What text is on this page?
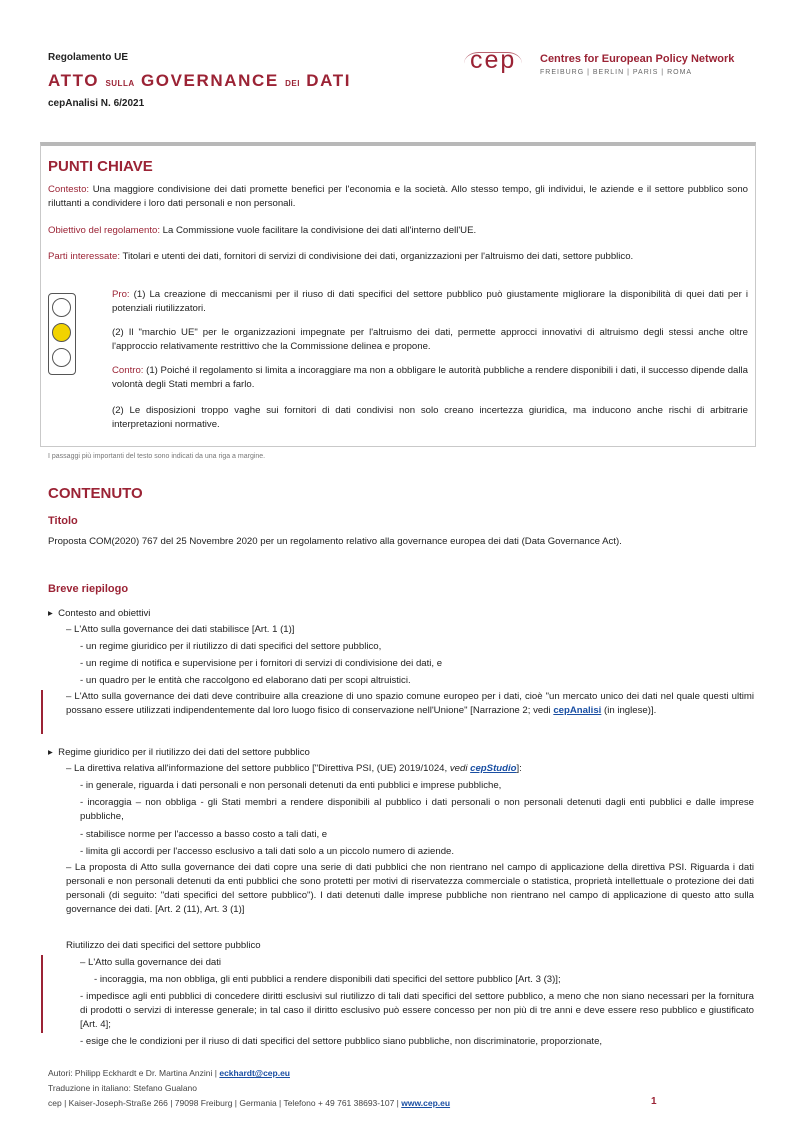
Regolamento UE
ATTO SULLA GOVERNANCE DEI DATI
cepAnalisi N. 6/2021
cep Centres for European Policy Network
FREIBURG | BERLIN | PARIS | ROMA
PUNTI CHIAVE
Contesto: Una maggiore condivisione dei dati promette benefici per l'economia e la società. Allo stesso tempo, gli individui, le aziende e il settore pubblico sono riluttanti a condividere i loro dati personali e non personali.
Obiettivo del regolamento: La Commissione vuole facilitare la condivisione dei dati all'interno dell'UE.
Parti interessate: Titolari e utenti dei dati, fornitori di servizi di condivisione dei dati, organizzazioni per l'altruismo dei dati, settore pubblico.
Pro: (1) La creazione di meccanismi per il riuso di dati specifici del settore pubblico può giustamente migliorare la disponibilità di quei dati per i potenziali riutilizzatori.
(2) Il "marchio UE" per le organizzazioni impegnate per l'altruismo dei dati, permette approcci innovativi di altruismo degli stessi anche oltre l'approccio relativamente restrittivo che la Commissione delinea e propone.
Contro: (1) Poiché il regolamento si limita a incoraggiare ma non a obbligare le autorità pubbliche a rendere disponibili i dati, il successo dipende dalla volontà degli Stati membri a farlo.
(2) Le disposizioni troppo vaghe sui fornitori di dati condivisi non solo creano incertezza giuridica, ma inducono anche rischi di arbitrarie interpretazioni normative.
I passaggi più importanti del testo sono indicati da una riga a margine.
CONTENUTO
Titolo
Proposta COM(2020) 767 del 25 Novembre 2020 per un regolamento relativo alla governance europea dei dati (Data Governance Act).
Breve riepilogo
▸  Contesto and obiettivi
– L'Atto sulla governance dei dati stabilisce [Art. 1 (1)]
- un regime giuridico per il riutilizzo di dati specifici del settore pubblico,
- un regime di notifica e supervisione per i fornitori di servizi di condivisione dei dati, e
- un quadro per le entità che raccolgono ed elaborano dati per scopi altruistici.
– L'Atto sulla governance dei dati deve contribuire alla creazione di uno spazio comune europeo per i dati, cioè "un mercato unico dei dati nel quale questi ultimi possano essere utilizzati indipendentemente dal loro luogo fisico di conservazione nell'Unione" [Narrazione 2; vedi cepAnalisi (in inglese)].
▸  Regime giuridico per il riutilizzo dei dati del settore pubblico
– La direttiva relativa all'informazione del settore pubblico ["Direttiva PSI, (UE) 2019/1024, vedi cepStudio]:
- in generale, riguarda i dati personali e non personali detenuti da enti pubblici e imprese pubbliche,
- incoraggia – non obbliga - gli Stati membri a rendere disponibili al pubblico i dati personali o non personali detenuti dagli enti pubblici e dalle imprese pubbliche,
- stabilisce norme per l'accesso a basso costo a tali dati, e
- limita gli accordi per l'accesso esclusivo a tali dati solo a un piccolo numero di aziende.
– La proposta di Atto sulla governance dei dati copre una serie di dati pubblici che non rientrano nel campo di applicazione della direttiva PSI. Riguarda i dati personali e non personali detenuti da enti pubblici che sono protetti per motivi di riservatezza commerciale o statistica, proprietà intellettuale o protezione dei dati personali (di seguito: "dati specifici del settore pubblico"). I dati detenuti dalle imprese pubbliche non rientrano nel campo di applicazione di questo atto sulla governance dei dati. [Art. 2 (11), Art. 3 (1)]
Riutilizzo dei dati specifici del settore pubblico
– L'Atto sulla governance dei dati
- incoraggia, ma non obbliga, gli enti pubblici a rendere disponibili dati specifici del settore pubblico [Art. 3 (3)];
- impedisce agli enti pubblici di concedere diritti esclusivi sul riutilizzo di tali dati specifici del settore pubblico, a meno che non siano necessari per la fornitura di prodotti o servizi di interesse generale; in tal caso il diritto esclusivo può essere concesso per non più di tre anni e deve essere reso pubblico e giustificato [Art. 4];
- esige che le condizioni per il riuso di dati specifici del settore pubblico siano pubbliche, non discriminatorie, proporzionate,
Autori: Philipp Eckhardt e Dr. Martina Anzini | eckhardt@cep.eu
Traduzione in italiano: Stefano Gualano
cep | Kaiser-Joseph-Straße 266 | 79098 Freiburg | Germania | Telefono + 49 761 38693-107 | www.cep.eu	1
